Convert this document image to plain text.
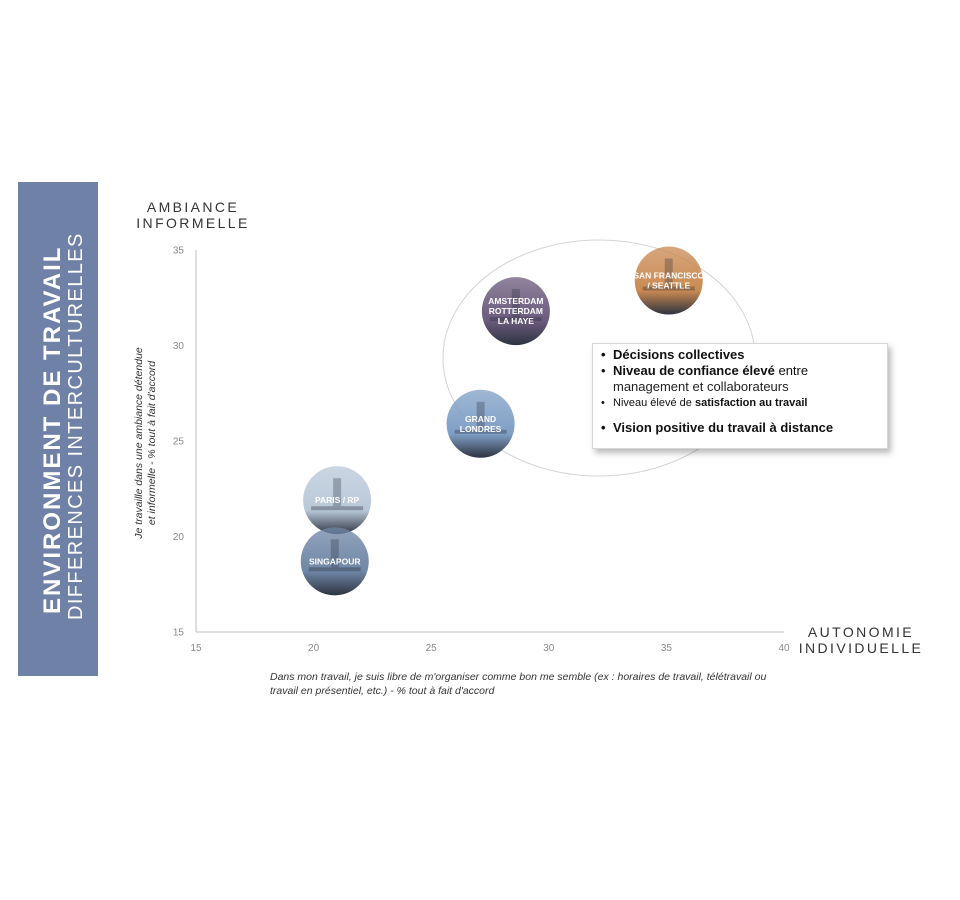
ENVIRONMENT DE TRAVAIL DIFFERENCES INTERCULTURELLES
15
20
25
30
35
15	20	25	30	35	40
PARIS / RP
SINGAPOUR
GRAND
LONDRES
AMSTERDAM
ROTTERDAM
LA HAYE
SAN FRANCISCO
/ SEATTLE
AMBIANCE
INFORMELLE
AUTONOMIE
INDIVIDUELLE
Dans mon travail, je suis libre de m'organiser comme bon me semble (ex : horaires de travail, télétravail ou
travail en présentiel, etc.) - % tout à fait d'accord
Je travaille dans une ambiance détendue et informelle - % tout à fait d'accord
• Décisions collectives
• Niveau de confiance élevé entre
management et collaborateurs
• Niveau élevé de satisfaction au travail
• Vision positive du travail à distance
